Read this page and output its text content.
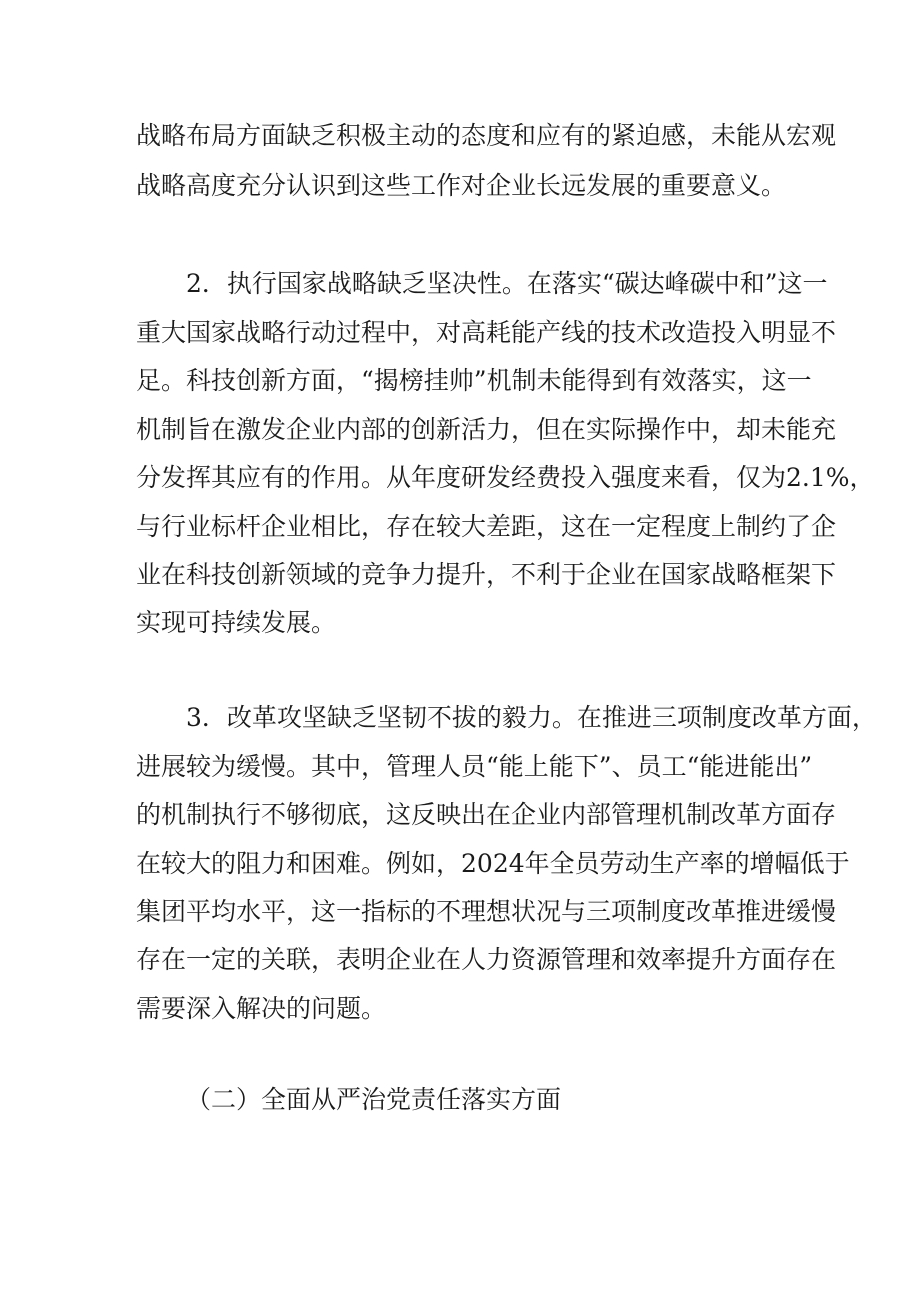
战略布局方面缺乏积极主动的态度和应有的紧迫感，未能从宏观
战略高度充分认识到这些工作对企业长远发展的重要意义。
2．执行国家战略缺乏坚决性。在落实“碳达峰碳中和”这一
重大国家战略行动过程中，对高耗能产线的技术改造投入明显不
足。科技创新方面，“揭榜挂帅”机制未能得到有效落实，这一
机制旨在激发企业内部的创新活力，但在实际操作中，却未能充
分发挥其应有的作用。从年度研发经费投入强度来看，仅为2.1%，
与行业标杆企业相比，存在较大差距，这在一定程度上制约了企
业在科技创新领域的竞争力提升，不利于企业在国家战略框架下
实现可持续发展。
3．改革攻坚缺乏坚韧不拔的毅力。在推进三项制度改革方面，
进展较为缓慢。其中，管理人员“能上能下”、员工“能进能出”
的机制执行不够彻底，这反映出在企业内部管理机制改革方面存
在较大的阻力和困难。例如，2024年全员劳动生产率的增幅低于
集团平均水平，这一指标的不理想状况与三项制度改革推进缓慢
存在一定的关联，表明企业在人力资源管理和效率提升方面存在
需要深入解决的问题。
（二）全面从严治党责任落实方面
